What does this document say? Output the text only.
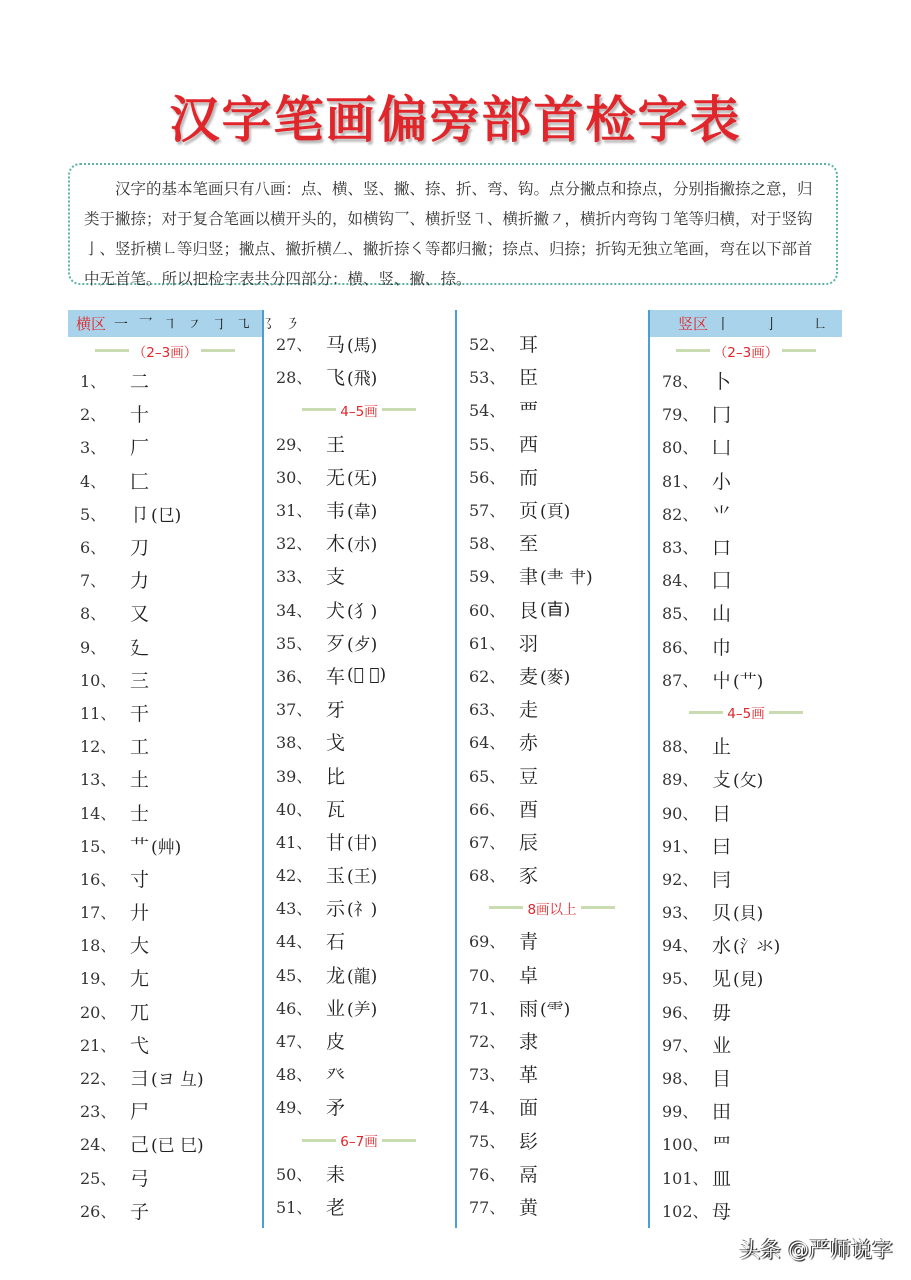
汉字笔画偏旁部首检字表
汉字的基本笔画只有八画：点、横、竖、撇、捺、折、弯、钩。点分撇点和捺点，分别指撇捺之意，归类于撇捺；对于复合笔画以横开头的，如横钩乛、横折竖㇕、横折撇㇇，横折内弯钩㇆笔等归横，对于竖钩亅、竖折横㇗等归竖；撇点、撇折横𠃋、撇折捺㇛等都归撇；捺点、归捺；折钩无独立笔画，弯在以下部首中无首笔。所以把检字表共分四部分：横、竖、撇、捺。
横区 一 乛 ㇕ ㇇ ㇆ ㇈ ㇌ ㇋
（2–3画）
1、	二
2、	十
3、	厂
4、	匚
5、	卩 (㔾)
6、	刀
7、	力
8、	又
9、	廴
10、 三
11、 干
12、 工
13、 土
14、 士
15、 艹 (艸)
16、 寸
17、 廾
18、 大
19、 尢
20、 兀
21、 弋
22、 彐 (ヨ 彑)
23、 尸
24、 己 (已 巳)
25、 弓
26、 子
27、 马 (馬)
28、 飞 (飛)
4–5画
29、 王
30、 无 (旡)
31、 韦 (韋)
32、 木 (朩)
33、 支
34、 犬 (犭)
35、 歹 (歺)
36、 车 (𠂡 車)
37、 牙
38、 戈
39、 比
40、 瓦
41、 甘 (甘)
42、 玉 (王)
43、 示 (礻)
44、 石
45、 龙 (龍)
46、 业 (⺶)
47、 皮
48、 癶
49、 矛
6–7画
50、 耒
51、 老
52、 耳
53、 臣
54、 覀
55、 西
56、 而
57、 页 (頁)
58、 至
59、 聿 (⺻ 肀)
60、 艮 (𥃭)
61、 羽
62、 麦 (麥)
63、 走
64、 赤
65、 豆
66、 酉
67、 辰
68、 豕
8画以上
69、 青
70、 卓
71、 雨 (⻗)
72、 隶
73、 革
74、 面
75、 髟
76、 鬲
77、 黄
竖区 丨 亅 ㇗
（2–3画）
78、 卜
79、 冂
80、 凵
81、 小
82、 ⺌
83、 口
84、 囗
85、 山
86、 巾
87、 屮 (⺾)
4–5画
88、 止
89、 攴 (攵)
90、 日
91、 曰
92、 冃
93、 贝 (貝)
94、 水 (氵氺)
95、 见 (見)
96、 毋
97、 业
98、 目
99、 田
100、 罒
101、 皿
102、 母
头条 @严师说字
